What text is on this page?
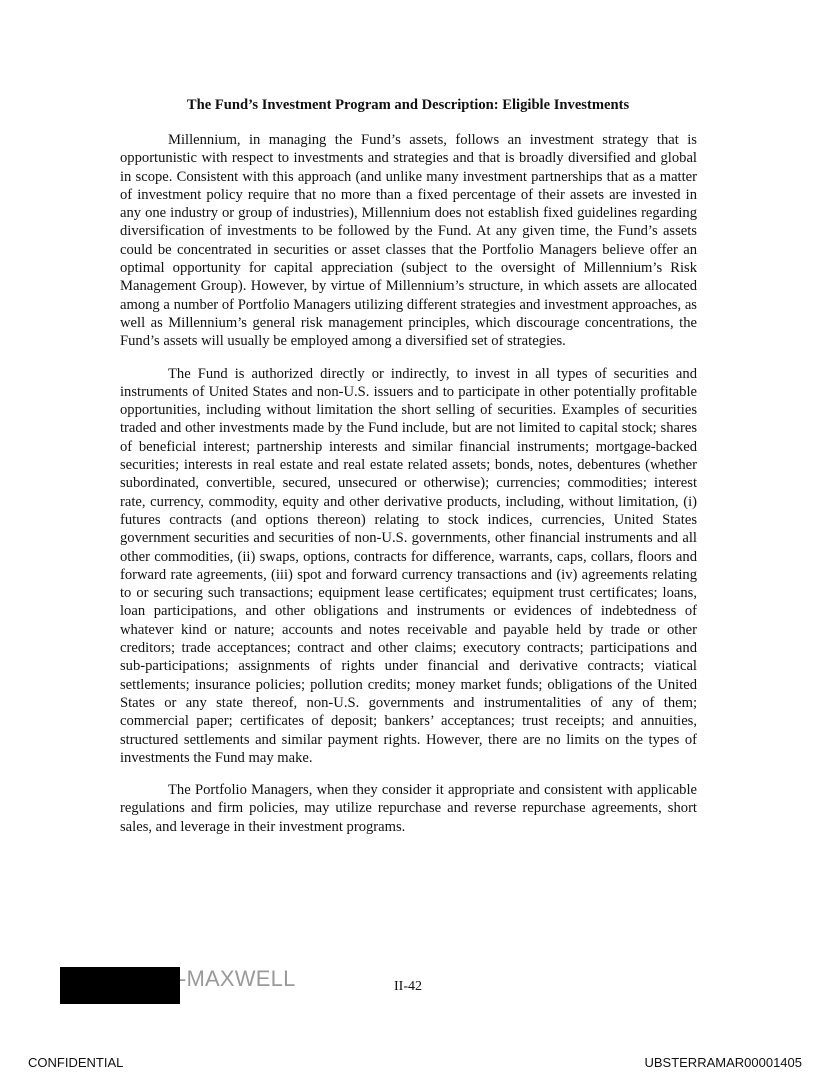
The Fund’s Investment Program and Description: Eligible Investments

Millennium, in managing the Fund’s assets, follows an investment strategy that is opportunistic with respect to investments and strategies and that is broadly diversified and global in scope. Consistent with this approach (and unlike many investment partnerships that as a matter of investment policy require that no more than a fixed percentage of their assets are invested in any one industry or group of industries), Millennium does not establish fixed guidelines regarding diversification of investments to be followed by the Fund. At any given time, the Fund’s assets could be concentrated in securities or asset classes that the Portfolio Managers believe offer an optimal opportunity for capital appreciation (subject to the oversight of Millennium’s Risk Management Group). However, by virtue of Millennium’s structure, in which assets are allocated among a number of Portfolio Managers utilizing different strategies and investment approaches, as well as Millennium’s general risk management principles, which discourage concentrations, the Fund’s assets will usually be employed among a diversified set of strategies.

The Fund is authorized directly or indirectly, to invest in all types of securities and instruments of United States and non-U.S. issuers and to participate in other potentially profitable opportunities, including without limitation the short selling of securities. Examples of securities traded and other investments made by the Fund include, but are not limited to capital stock; shares of beneficial interest; partnership interests and similar financial instruments; mortgage-backed securities; interests in real estate and real estate related assets; bonds, notes, debentures (whether subordinated, convertible, secured, unsecured or otherwise); currencies; commodities; interest rate, currency, commodity, equity and other derivative products, including, without limitation, (i) futures contracts (and options thereon) relating to stock indices, currencies, United States government securities and securities of non-U.S. governments, other financial instruments and all other commodities, (ii) swaps, options, contracts for difference, warrants, caps, collars, floors and forward rate agreements, (iii) spot and forward currency transactions and (iv) agreements relating to or securing such transactions; equipment lease certificates; equipment trust certificates; loans, loan participations, and other obligations and instruments or evidences of indebtedness of whatever kind or nature; accounts and notes receivable and payable held by trade or other creditors; trade acceptances; contract and other claims; executory contracts; participations and sub-participations; assignments of rights under financial and derivative contracts; viatical settlements; insurance policies; pollution credits; money market funds; obligations of the United States or any state thereof, non-U.S. governments and instrumentalities of any of them; commercial paper; certificates of deposit; bankers’ acceptances; trust receipts; and annuities, structured settlements and similar payment rights. However, there are no limits on the types of investments the Fund may make.

The Portfolio Managers, when they consider it appropriate and consistent with applicable regulations and firm policies, may utilize repurchase and reverse repurchase agreements, short sales, and leverage in their investment programs.

-MAXWELL	II-42
CONFIDENTIAL	UBSTERRAMAR00001405
